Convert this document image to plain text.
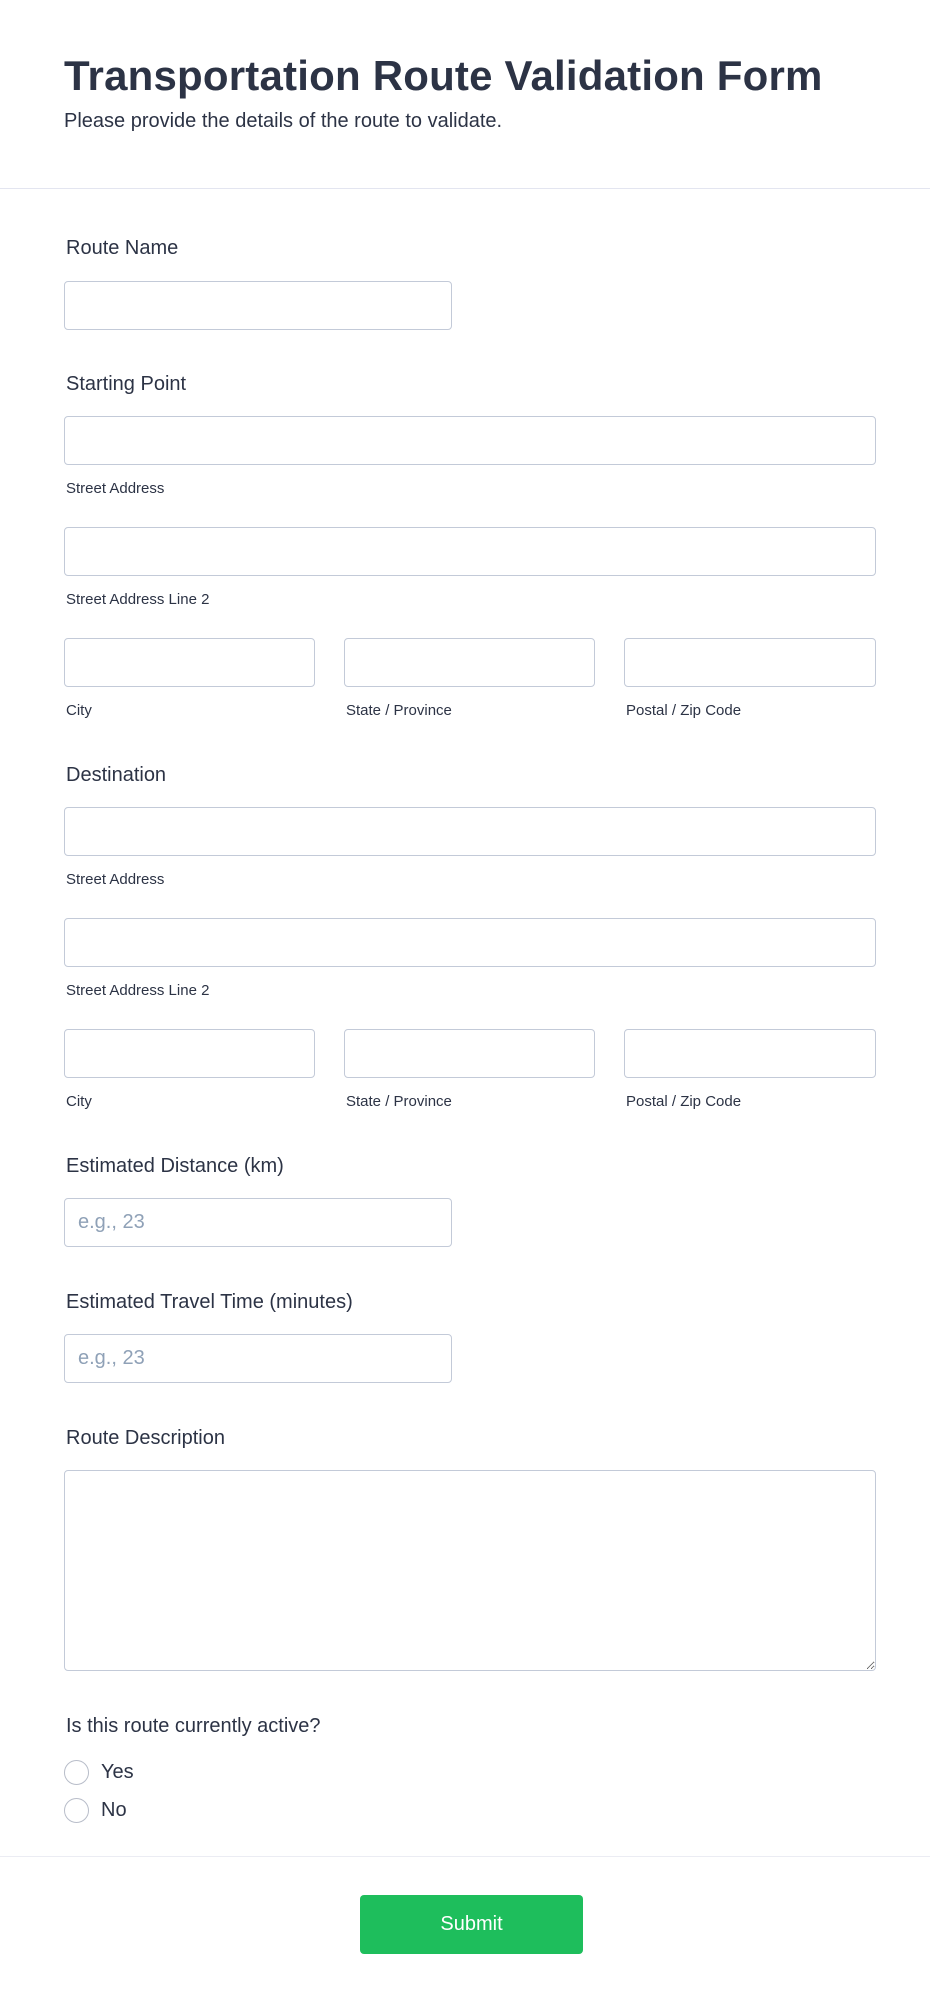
Transportation Route Validation Form
Please provide the details of the route to validate.
Route Name
Starting Point
Street Address
Street Address Line 2
City	State / Province	Postal / Zip Code
Destination
Street Address
Street Address Line 2
City	State / Province	Postal / Zip Code
Estimated Distance (km)
e.g., 23
Estimated Travel Time (minutes)
e.g., 23
Route Description
Is this route currently active?
Yes
No
Submit
